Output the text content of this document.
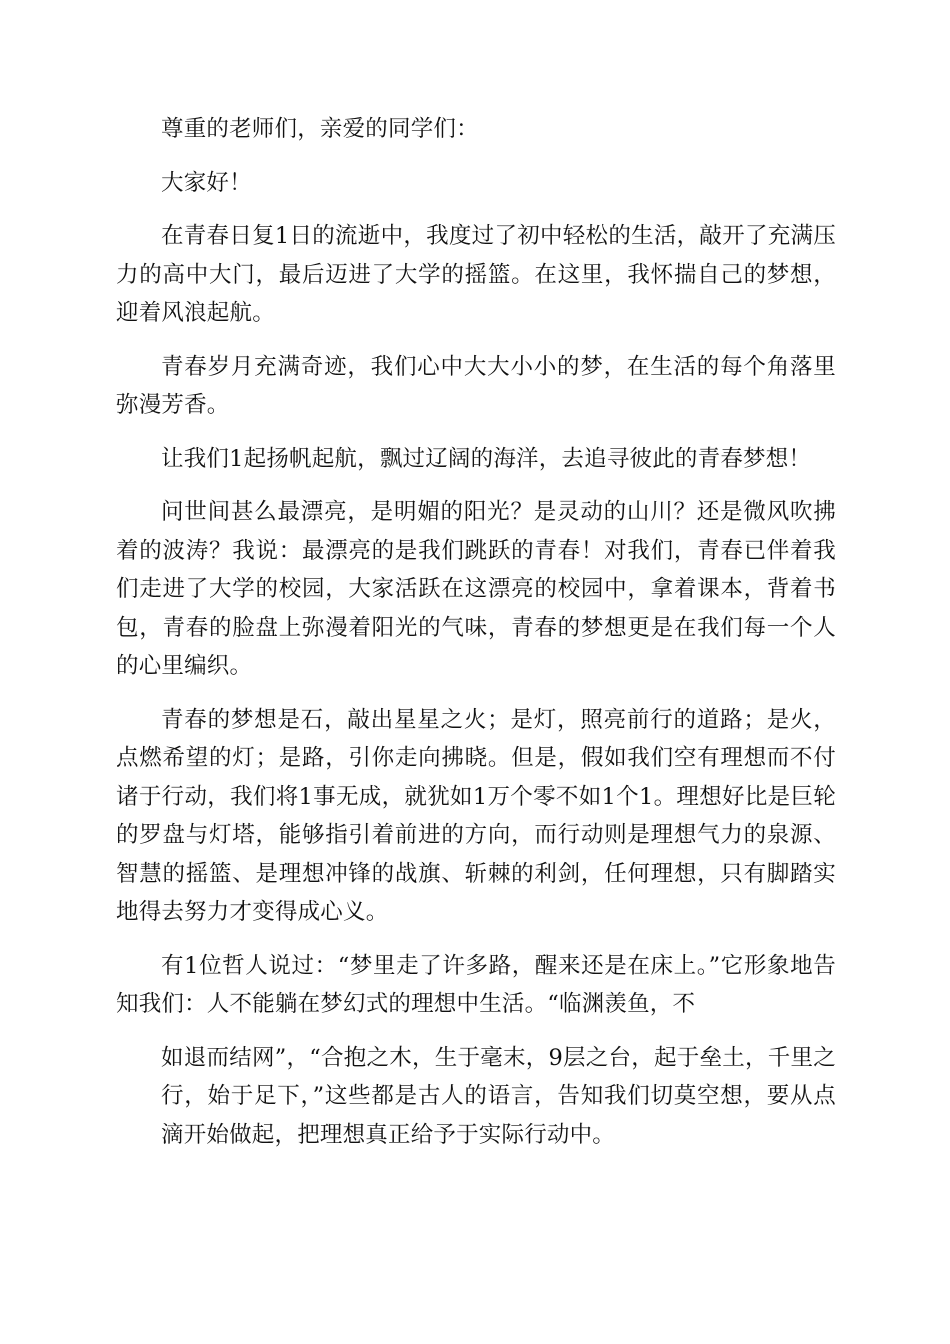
尊重的老师们，亲爱的同学们：

大家好！

在青春日复1日的流逝中，我度过了初中轻松的生活，敲开了充满压力的高中大门，最后迈进了大学的摇篮。在这里，我怀揣自己的梦想，迎着风浪起航。

青春岁月充满奇迹，我们心中大大小小的梦，在生活的每个角落里弥漫芳香。

让我们1起扬帆起航，飘过辽阔的海洋，去追寻彼此的青春梦想！

问世间甚么最漂亮，是明媚的阳光？是灵动的山川？还是微风吹拂着的波涛？我说：最漂亮的是我们跳跃的青春！对我们，青春已伴着我们走进了大学的校园，大家活跃在这漂亮的校园中，拿着课本，背着书包，青春的脸盘上弥漫着阳光的气味，青春的梦想更是在我们每一个人的心里编织。

青春的梦想是石，敲出星星之火；是灯，照亮前行的道路；是火，点燃希望的灯；是路，引你走向拂晓。但是，假如我们空有理想而不付诸于行动，我们将1事无成，就犹如1万个零不如1个1。理想好比是巨轮的罗盘与灯塔，能够指引着前进的方向，而行动则是理想气力的泉源、智慧的摇篮、是理想冲锋的战旗、斩棘的利剑，任何理想，只有脚踏实地得去努力才变得成心义。

有1位哲人说过：“梦里走了许多路，醒来还是在床上。”它形象地告知我们：人不能躺在梦幻式的理想中生活。“临渊羡鱼，不

如退而结网”，“合抱之木，生于毫末，9层之台，起于垒土，千里之行，始于足下，”这些都是古人的语言，告知我们切莫空想，要从点滴开始做起，把理想真正给予于实际行动中。
